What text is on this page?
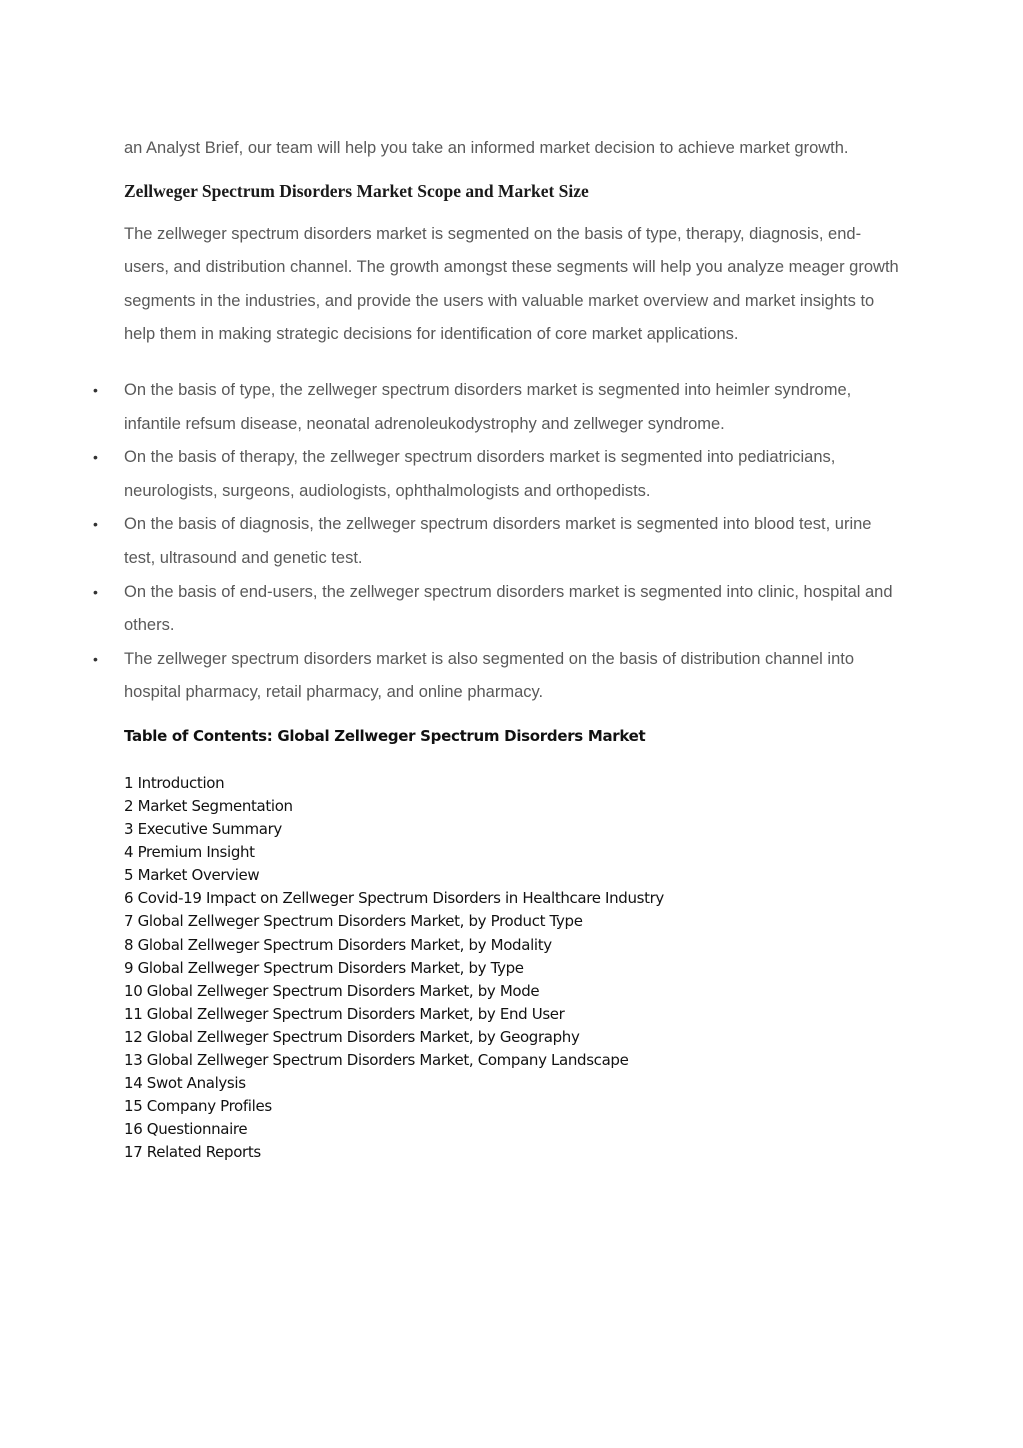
an Analyst Brief, our team will help you take an informed market decision to achieve market growth.

Zellweger Spectrum Disorders Market Scope and Market Size

The zellweger spectrum disorders market is segmented on the basis of type, therapy, diagnosis, end-users, and distribution channel. The growth amongst these segments will help you analyze meager growth segments in the industries, and provide the users with valuable market overview and market insights to help them in making strategic decisions for identification of core market applications.

• On the basis of type, the zellweger spectrum disorders market is segmented into heimler syndrome, infantile refsum disease, neonatal adrenoleukodystrophy and zellweger syndrome.
• On the basis of therapy, the zellweger spectrum disorders market is segmented into pediatricians, neurologists, surgeons, audiologists, ophthalmologists and orthopedists.
• On the basis of diagnosis, the zellweger spectrum disorders market is segmented into blood test, urine test, ultrasound and genetic test.
• On the basis of end-users, the zellweger spectrum disorders market is segmented into clinic, hospital and others.
• The zellweger spectrum disorders market is also segmented on the basis of distribution channel into hospital pharmacy, retail pharmacy, and online pharmacy.
Table of Contents: Global Zellweger Spectrum Disorders Market
1 Introduction
2 Market Segmentation
3 Executive Summary
4 Premium Insight
5 Market Overview
6 Covid-19 Impact on Zellweger Spectrum Disorders in Healthcare Industry
7 Global Zellweger Spectrum Disorders Market, by Product Type
8 Global Zellweger Spectrum Disorders Market, by Modality
9 Global Zellweger Spectrum Disorders Market, by Type
10 Global Zellweger Spectrum Disorders Market, by Mode
11 Global Zellweger Spectrum Disorders Market, by End User
12 Global Zellweger Spectrum Disorders Market, by Geography
13 Global Zellweger Spectrum Disorders Market, Company Landscape
14 Swot Analysis
15 Company Profiles
16 Questionnaire
17 Related Reports
